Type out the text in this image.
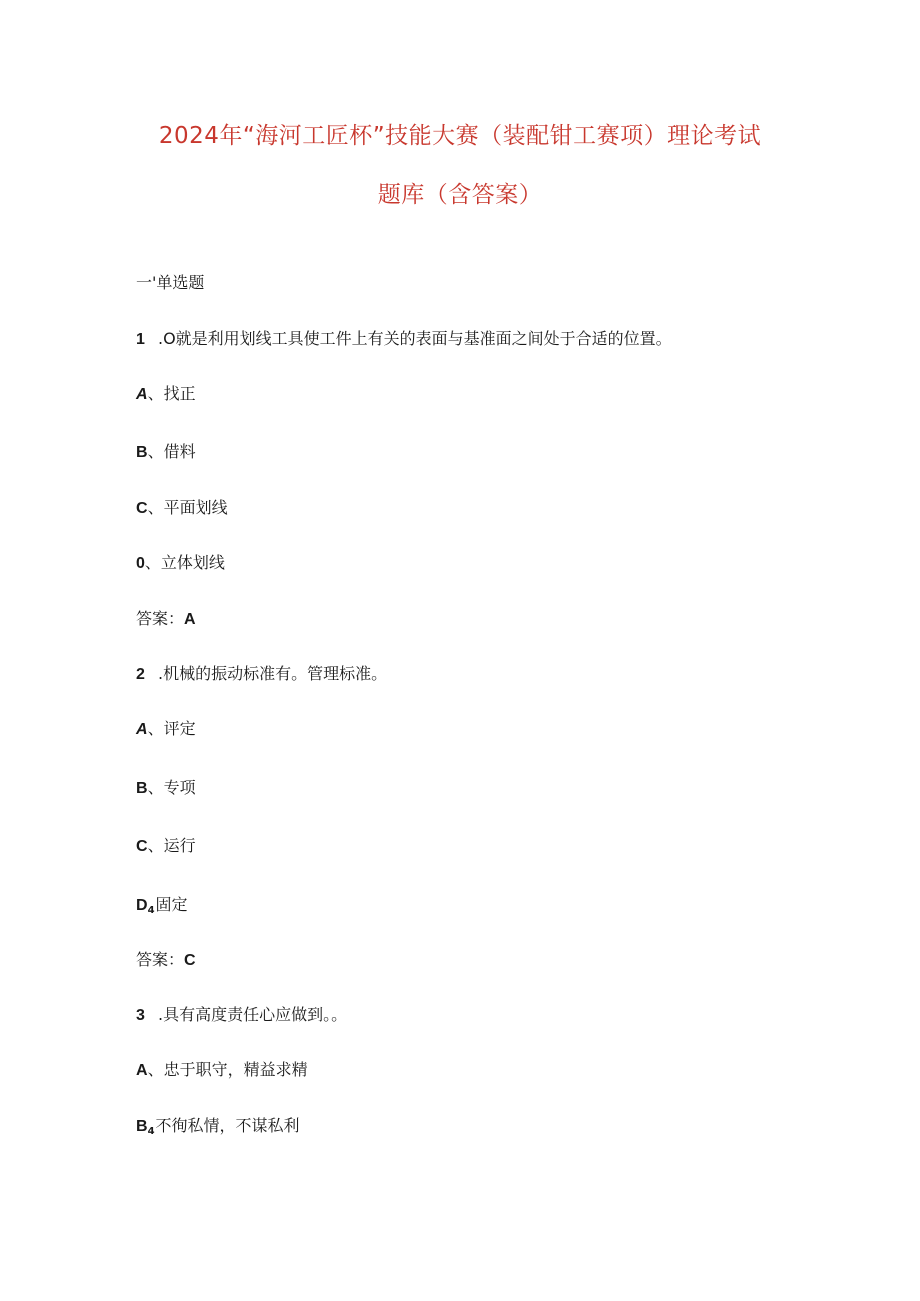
2024年“海河工匠杯”技能大赛（装配钳工赛项）理论考试
题库（含答案）
一'单选题
1 .O就是利用划线工具使工件上有关的表面与基准面之间处于合适的位置。
A、找正
B、借料
C、平面划线
0、立体划线
答案：A
2 .机械的振动标准有。管理标准。
A、评定
B、专项
C、运行
$D_4$固定
答案：C
3 .具有高度责任心应做到。。
A、忠于职守，精益求精
$B_4$不徇私情，不谋私利
